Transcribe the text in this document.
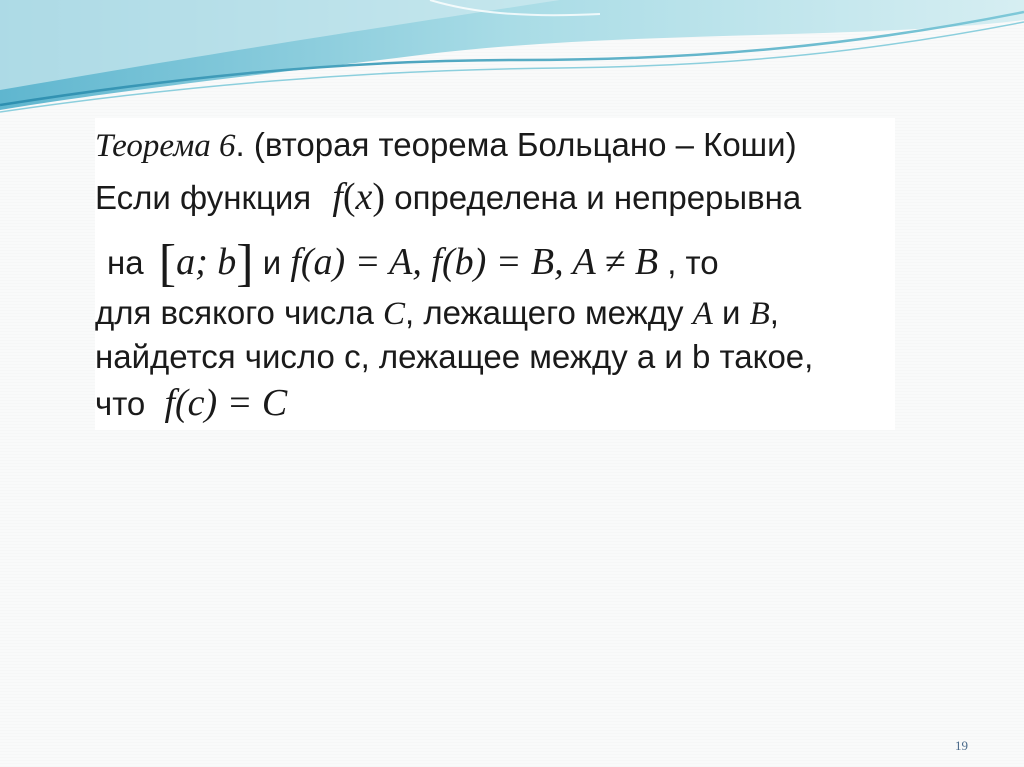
Теорема 6. (вторая теорема Больцано – Коши)
Если функция f(x) определена и непрерывна
на [a; b] и f(a) = A, f(b) = B, A ≠ B , то
для всякого числа C, лежащего между A и B,
найдется число с, лежащее между а и b такое,
что f(c) = C
19
